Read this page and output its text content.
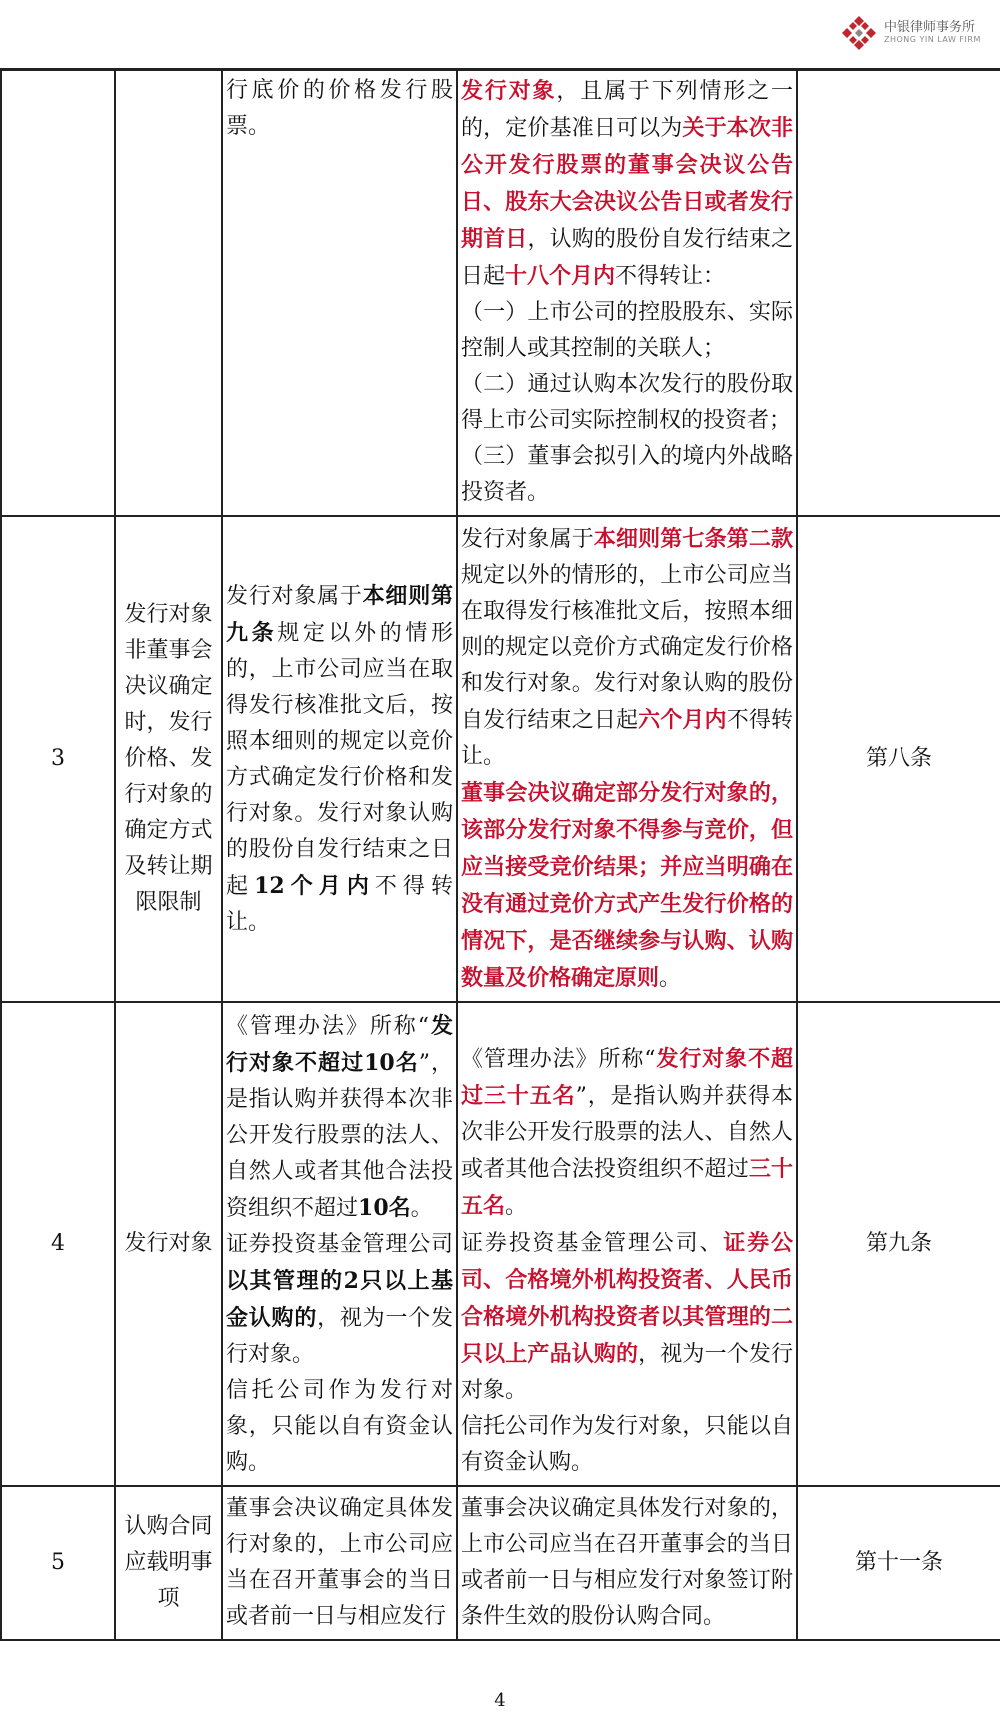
中银律师事务所
ZHONG YIN LAW FIRM
		行底价的价格发行股票。	发行对象，且属于下列情形之一的，定价基准日可以为关于本次非公开发行股票的董事会决议公告日、股东大会决议公告日或者发行期首日，认购的股份自发行结束之日起十八个月内不得转让：
（一）上市公司的控股股东、实际控制人或其控制的关联人；
（二）通过认购本次发行的股份取得上市公司实际控制权的投资者；
（三）董事会拟引入的境内外战略投资者。	
3	发行对象非董事会决议确定时，发行价格、发行对象的确定方式及转让期限限制	发行对象属于本细则第九条规定以外的情形的，上市公司应当在取得发行核准批文后，按照本细则的规定以竞价方式确定发行价格和发行对象。发行对象认购的股份自发行结束之日起12个月内不得转让。	发行对象属于本细则第七条第二款规定以外的情形的，上市公司应当在取得发行核准批文后，按照本细则的规定以竞价方式确定发行价格和发行对象。发行对象认购的股份自发行结束之日起六个月内不得转让。
董事会决议确定部分发行对象的，该部分发行对象不得参与竞价，但应当接受竞价结果；并应当明确在没有通过竞价方式产生发行价格的情况下，是否继续参与认购、认购数量及价格确定原则。	第八条
4	发行对象	《管理办法》所称“发行对象不超过10名”，是指认购并获得本次非公开发行股票的法人、自然人或者其他合法投资组织不超过10名。
证券投资基金管理公司以其管理的2只以上基金认购的，视为一个发行对象。
信托公司作为发行对象，只能以自有资金认购。	《管理办法》所称“发行对象不超过三十五名”，是指认购并获得本次非公开发行股票的法人、自然人或者其他合法投资组织不超过三十五名。
证券投资基金管理公司、证券公司、合格境外机构投资者、人民币合格境外机构投资者以其管理的二只以上产品认购的，视为一个发行对象。
信托公司作为发行对象，只能以自有资金认购。	第九条
5	认购合同应载明事项	董事会决议确定具体发行对象的，上市公司应当在召开董事会的当日或者前一日与相应发行	董事会决议确定具体发行对象的，上市公司应当在召开董事会的当日或者前一日与相应发行对象签订附条件生效的股份认购合同。	第十一条
4
